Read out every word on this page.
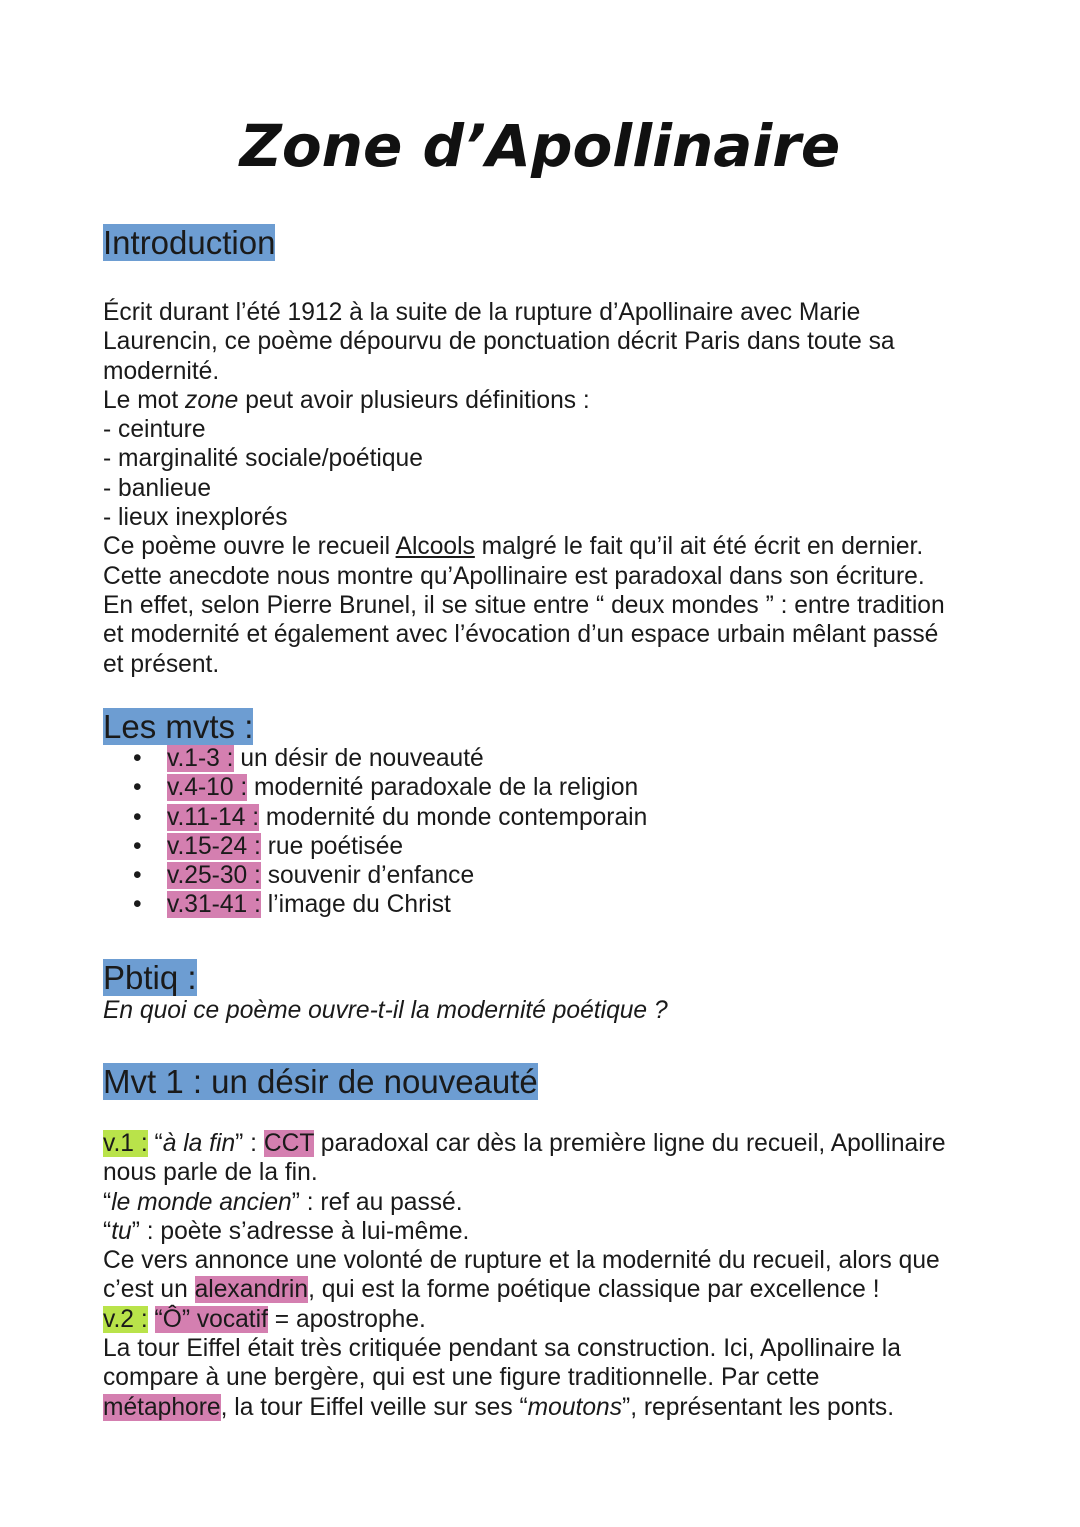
Zone d’Apollinaire
Introduction
Écrit durant l’été 1912 à la suite de la rupture d’Apollinaire avec Marie
Laurencin, ce poème dépourvu de ponctuation décrit Paris dans toute sa
modernité.
Le mot zone peut avoir plusieurs définitions :
- ceinture
- marginalité sociale/poétique
- banlieue
- lieux inexplorés
Ce poème ouvre le recueil Alcools malgré le fait qu’il ait été écrit en dernier.
Cette anecdote nous montre qu’Apollinaire est paradoxal dans son écriture.
En effet, selon Pierre Brunel, il se situe entre “ deux mondes ” : entre tradition
et modernité et également avec l’évocation d’un espace urbain mêlant passé
et présent.
Les mvts :
• v.1-3 : un désir de nouveauté
• v.4-10 : modernité paradoxale de la religion
• v.11-14 : modernité du monde contemporain
• v.15-24 : rue poétisée
• v.25-30 : souvenir d’enfance
• v.31-41 : l’image du Christ
Pbtiq :
En quoi ce poème ouvre-t-il la modernité poétique ?
Mvt 1 : un désir de nouveauté
v.1 : “à la fin” : CCT paradoxal car dès la première ligne du recueil, Apollinaire
nous parle de la fin.
“le monde ancien” : ref au passé.
“tu” : poète s’adresse à lui-même.
Ce vers annonce une volonté de rupture et la modernité du recueil, alors que
c’est un alexandrin, qui est la forme poétique classique par excellence !
v.2 : “Ô” vocatif = apostrophe.
La tour Eiffel était très critiquée pendant sa construction. Ici, Apollinaire la
compare à une bergère, qui est une figure traditionnelle. Par cette
métaphore, la tour Eiffel veille sur ses “moutons”, représentant les ponts.
